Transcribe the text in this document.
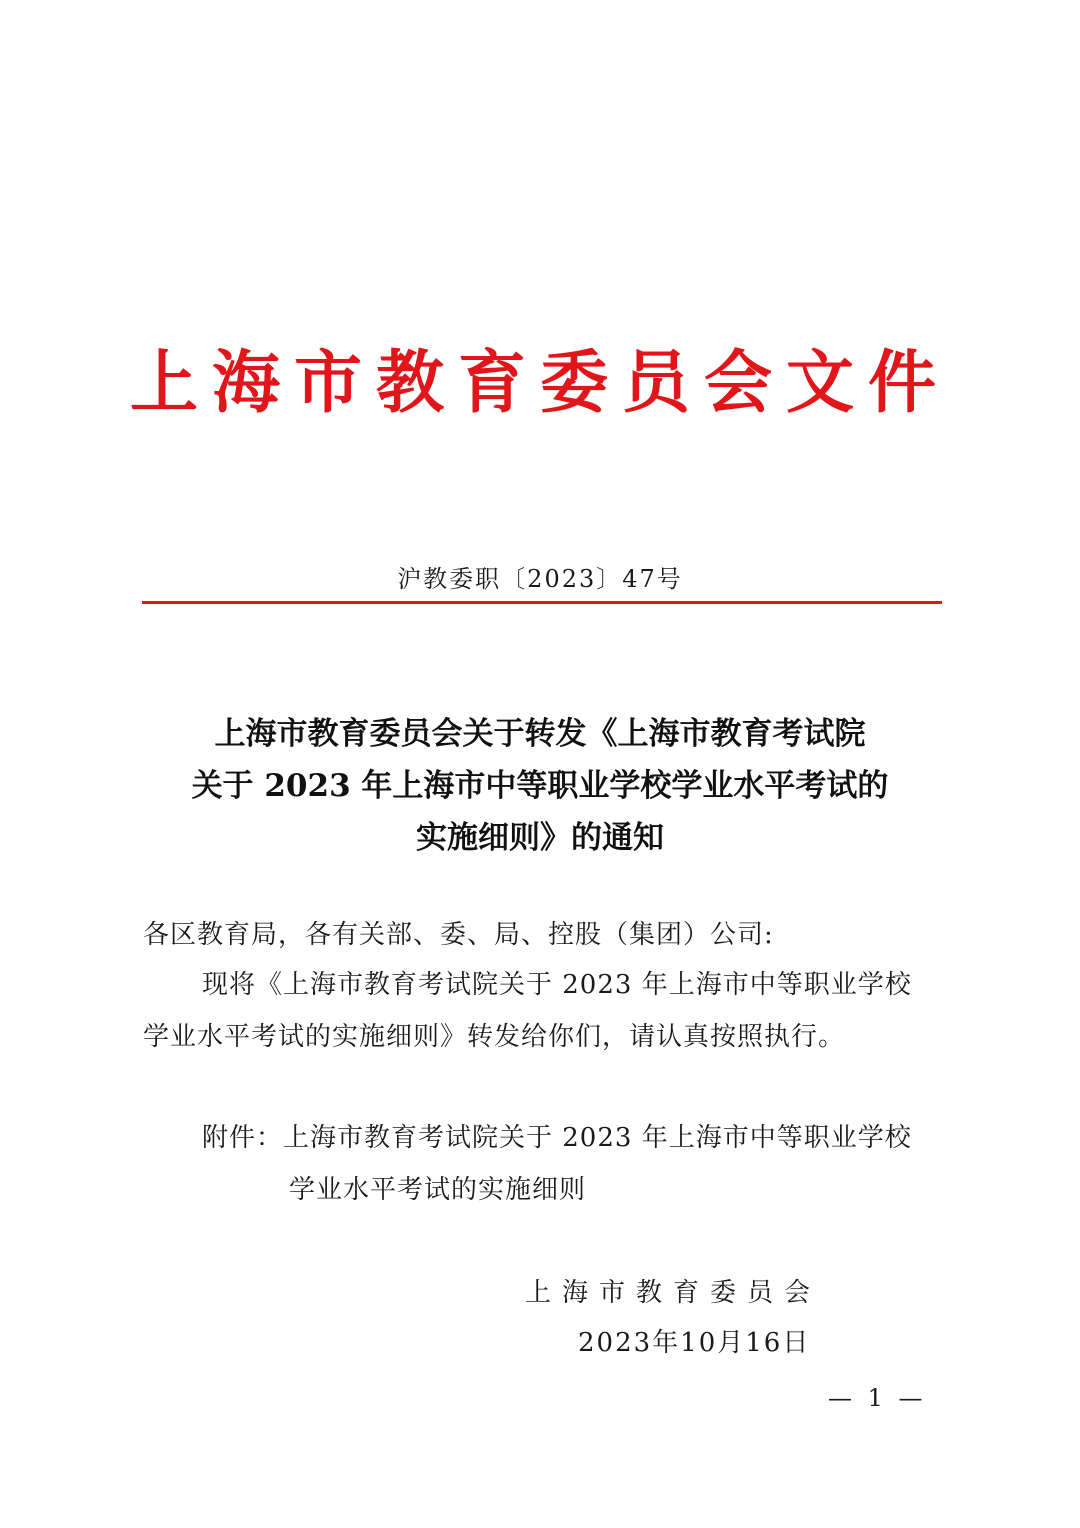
上海市教育委员会文件
沪教委职〔2023〕47号
上海市教育委员会关于转发《上海市教育考试院
关于 2023 年上海市中等职业学校学业水平考试的
实施细则》的通知
各区教育局，各有关部、委、局、控股（集团）公司:
现将《上海市教育考试院关于 2023 年上海市中等职业学校
学业水平考试的实施细则》转发给你们，请认真按照执行。
附件：上海市教育考试院关于 2023 年上海市中等职业学校
学业水平考试的实施细则
上海市教育委员会
2023年10月16日
— 1 —
